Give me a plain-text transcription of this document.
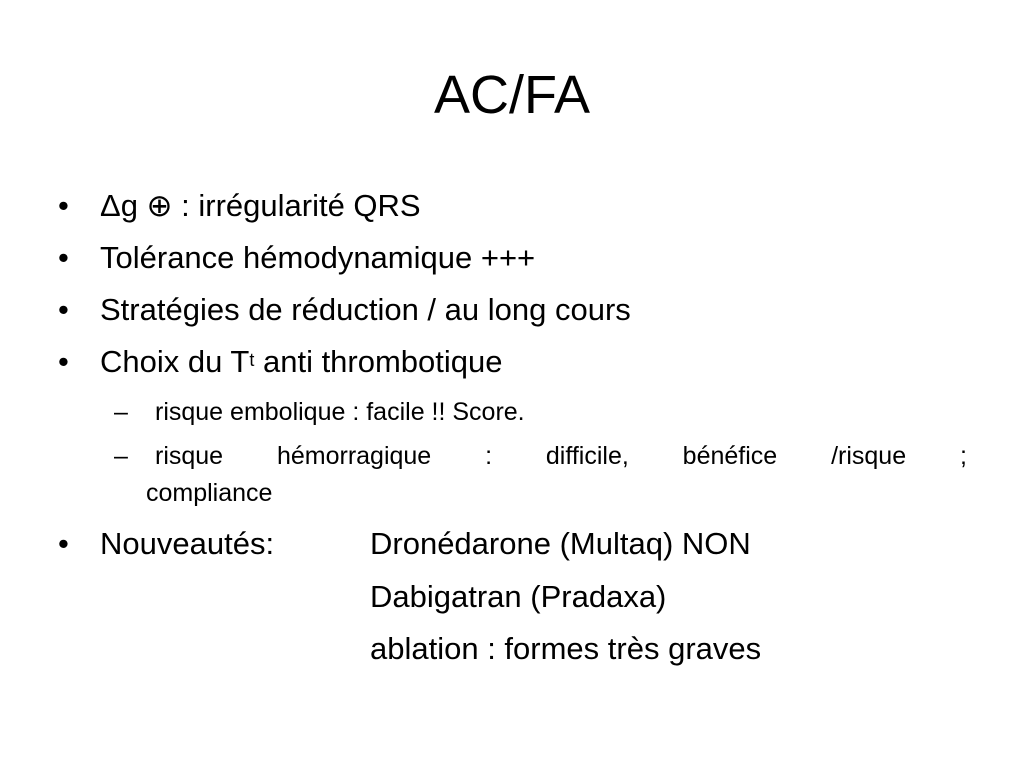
AC/FA
• Δg ⊕ : irrégularité QRS
• Tolérance hémodynamique +++
• Stratégies de réduction / au long cours
• Choix du $T^t$ anti thrombotique
– risque embolique : facile !! Score.
– risque hémorragique : difficile, bénéfice /risque ;
compliance
• Nouveautés:	Dronédarone (Multaq) NON
Dabigatran (Pradaxa)
ablation : formes très graves
